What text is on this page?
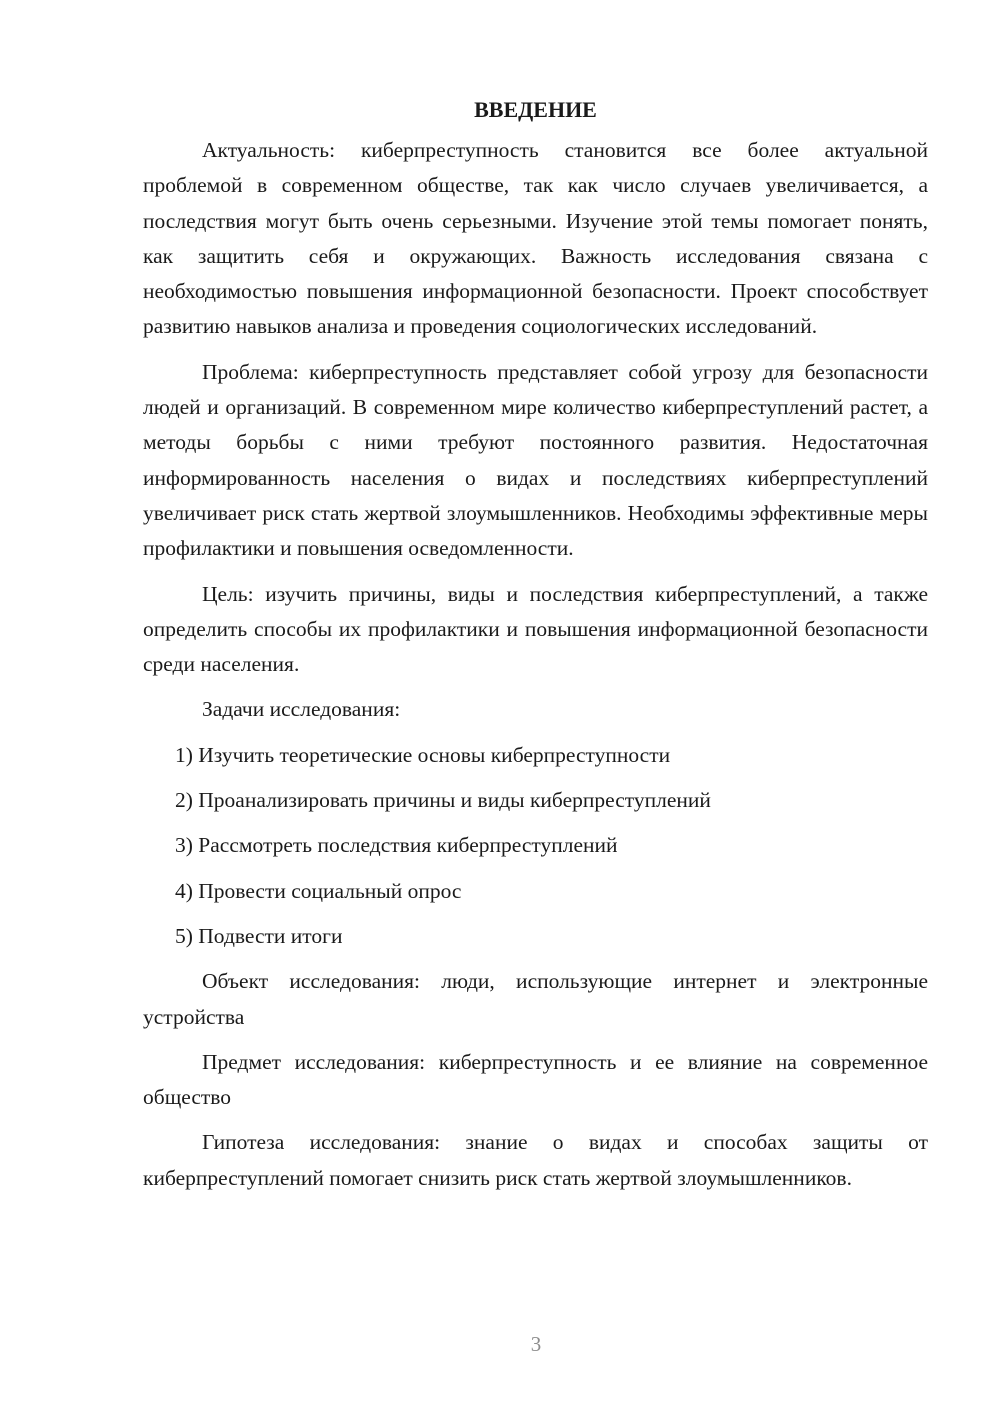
ВВЕДЕНИЕ

Актуальность: киберпреступность становится все более актуальной проблемой в современном обществе, так как число случаев увеличивается, а последствия могут быть очень серьезными. Изучение этой темы помогает понять, как защитить себя и окружающих. Важность исследования связана с необходимостью повышения информационной безопасности. Проект способствует развитию навыков анализа и проведения социологических исследований.

Проблема: киберпреступность представляет собой угрозу для безопасности людей и организаций. В современном мире количество киберпреступлений растет, а методы борьбы с ними требуют постоянного развития. Недостаточная информированность населения о видах и последствиях киберпреступлений увеличивает риск стать жертвой злоумышленников. Необходимы эффективные меры профилактики и повышения осведомленности.

Цель: изучить причины, виды и последствия киберпреступлений, а также определить способы их профилактики и повышения информационной безопасности среди населения.

Задачи исследования:

1) Изучить теоретические основы киберпреступности

2) Проанализировать причины и виды киберпреступлений

3) Рассмотреть последствия киберпреступлений

4) Провести социальный опрос

5) Подвести итоги

Объект исследования: люди, использующие интернет и электронные устройства

Предмет исследования: киберпреступность и ее влияние на современное общество

Гипотеза исследования: знание о видах и способах защиты от киберпреступлений помогает снизить риск стать жертвой злоумышленников.

3
